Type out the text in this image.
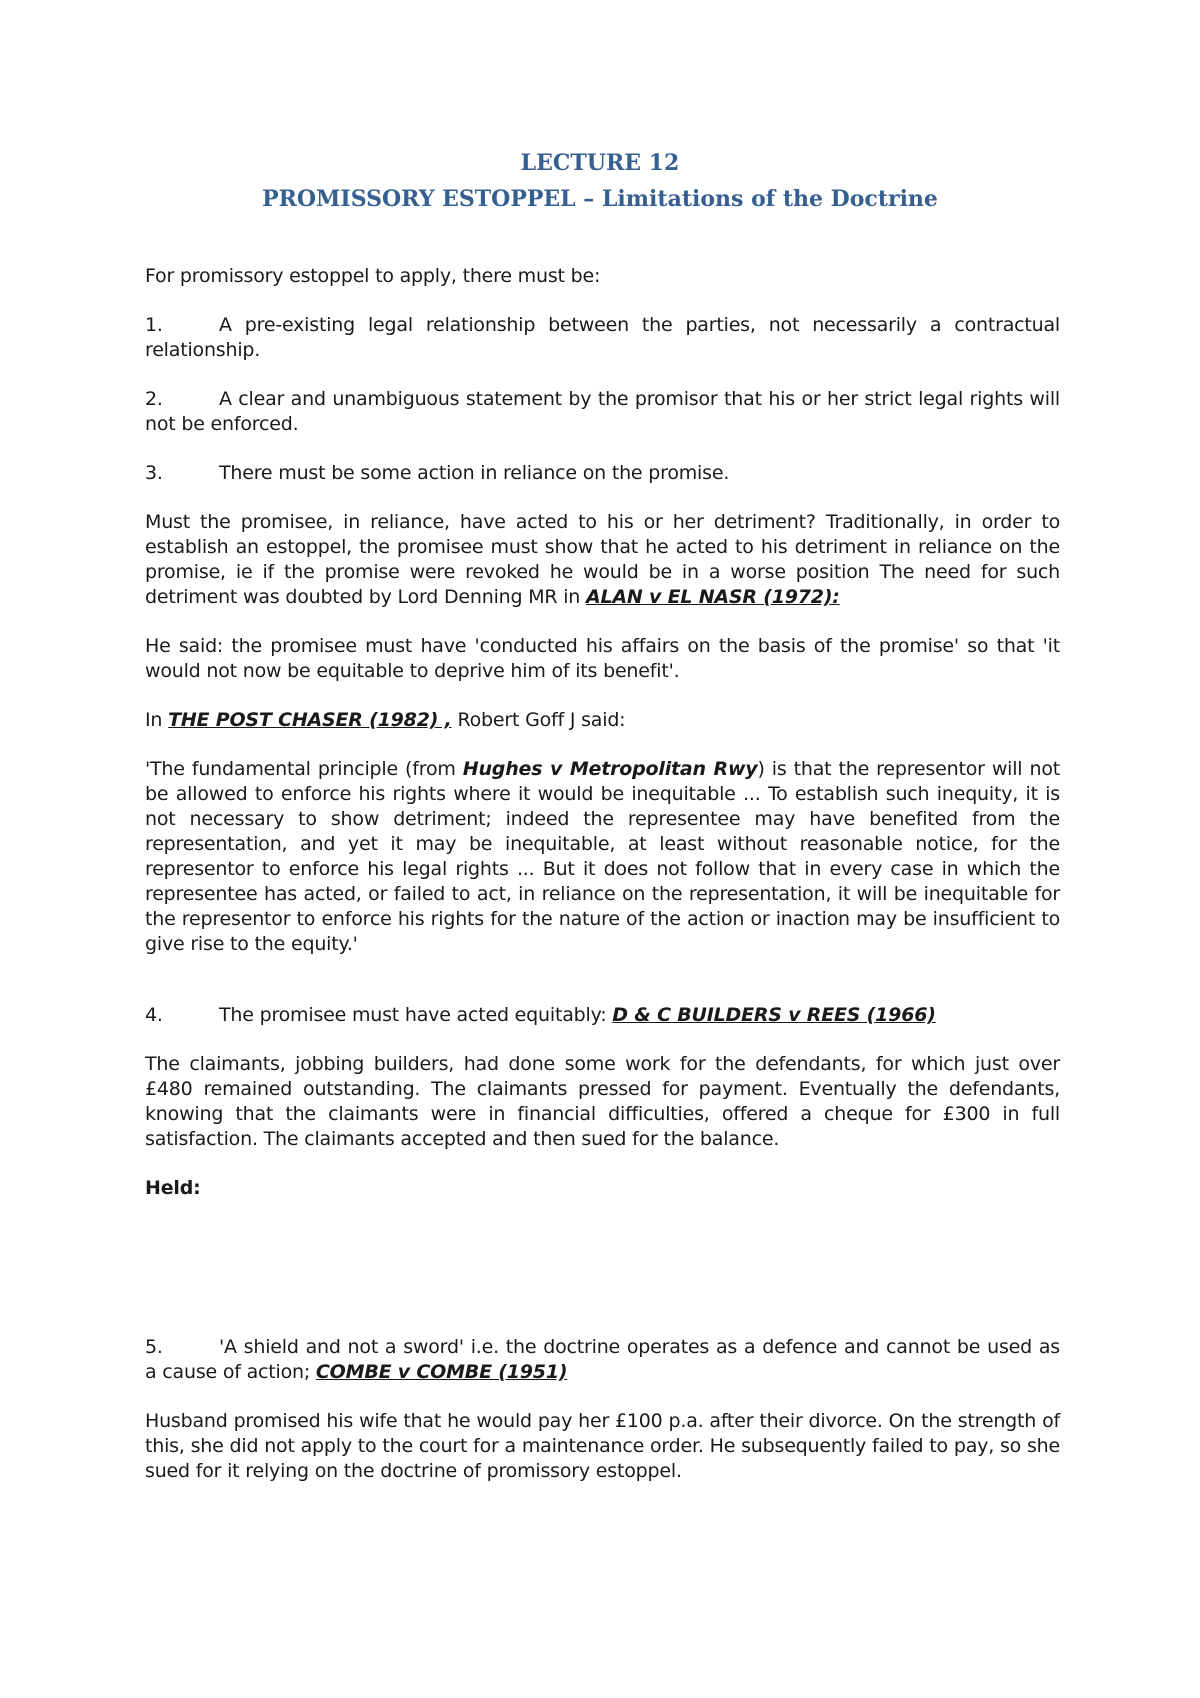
LECTURE 12
PROMISSORY ESTOPPEL – Limitations of the Doctrine

For promissory estoppel to apply, there must be:

1.	A pre-existing legal relationship between the parties, not necessarily a contractual relationship.

2.	A clear and unambiguous statement by the promisor that his or her strict legal rights will not be enforced.

3.	There must be some action in reliance on the promise.

Must the promisee, in reliance, have acted to his or her detriment? Traditionally, in order to establish an estoppel, the promisee must show that he acted to his detriment in reliance on the promise, ie if the promise were revoked he would be in a worse position The need for such detriment was doubted by Lord Denning MR in ALAN v EL NASR (1972):

He said: the promisee must have 'conducted his affairs on the basis of the promise' so that 'it would not now be equitable to deprive him of its benefit'.

In THE POST CHASER (1982) , Robert Goff J said:

'The fundamental principle (from Hughes v Metropolitan Rwy) is that the representor will not be allowed to enforce his rights where it would be inequitable ... To establish such inequity, it is not necessary to show detriment; indeed the representee may have benefited from the representation, and yet it may be inequitable, at least without reasonable notice, for the representor to enforce his legal rights ... But it does not follow that in every case in which the representee has acted, or failed to act, in reliance on the representation, it will be inequitable for the representor to enforce his rights for the nature of the action or inaction may be insufficient to give rise to the equity.'

4.	The promisee must have acted equitably: D & C BUILDERS v REES (1966)

The claimants, jobbing builders, had done some work for the defendants, for which just over £480 remained outstanding. The claimants pressed for payment. Eventually the defendants, knowing that the claimants were in financial difficulties, offered a cheque for £300 in full satisfaction. The claimants accepted and then sued for the balance.

Held:

5.	'A shield and not a sword' i.e. the doctrine operates as a defence and cannot be used as a cause of action; COMBE v COMBE (1951)

Husband promised his wife that he would pay her £100 p.a. after their divorce. On the strength of this, she did not apply to the court for a maintenance order. He subsequently failed to pay, so she sued for it relying on the doctrine of promissory estoppel.
